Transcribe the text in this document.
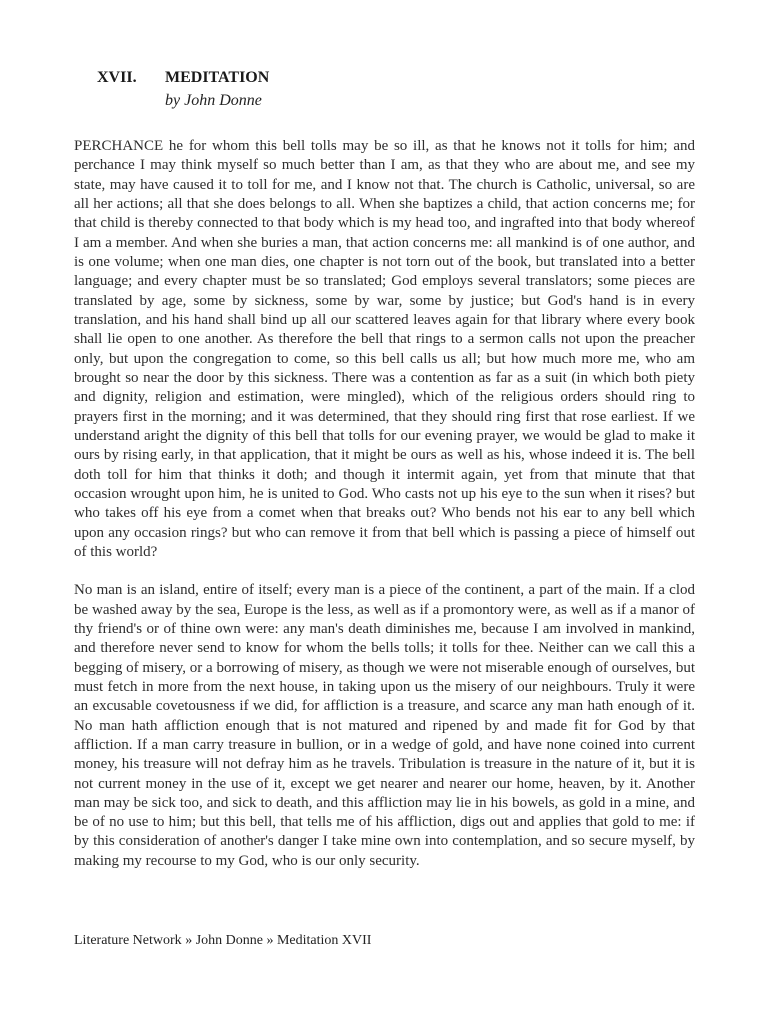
XVII.	MEDITATION
by John Donne

PERCHANCE he for whom this bell tolls may be so ill, as that he knows not it tolls for him; and perchance I may think myself so much better than I am, as that they who are about me, and see my state, may have caused it to toll for me, and I know not that. The church is Catholic, universal, so are all her actions; all that she does belongs to all. When she baptizes a child, that action concerns me; for that child is thereby connected to that body which is my head too, and ingrafted into that body whereof I am a member. And when she buries a man, that action concerns me: all mankind is of one author, and is one volume; when one man dies, one chapter is not torn out of the book, but translated into a better language; and every chapter must be so translated; God employs several translators; some pieces are translated by age, some by sickness, some by war, some by justice; but God's hand is in every translation, and his hand shall bind up all our scattered leaves again for that library where every book shall lie open to one another. As therefore the bell that rings to a sermon calls not upon the preacher only, but upon the congregation to come, so this bell calls us all; but how much more me, who am brought so near the door by this sickness. There was a contention as far as a suit (in which both piety and dignity, religion and estimation, were mingled), which of the religious orders should ring to prayers first in the morning; and it was determined, that they should ring first that rose earliest. If we understand aright the dignity of this bell that tolls for our evening prayer, we would be glad to make it ours by rising early, in that application, that it might be ours as well as his, whose indeed it is. The bell doth toll for him that thinks it doth; and though it intermit again, yet from that minute that that occasion wrought upon him, he is united to God. Who casts not up his eye to the sun when it rises? but who takes off his eye from a comet when that breaks out? Who bends not his ear to any bell which upon any occasion rings? but who can remove it from that bell which is passing a piece of himself out of this world?

No man is an island, entire of itself; every man is a piece of the continent, a part of the main. If a clod be washed away by the sea, Europe is the less, as well as if a promontory were, as well as if a manor of thy friend's or of thine own were: any man's death diminishes me, because I am involved in mankind, and therefore never send to know for whom the bells tolls; it tolls for thee. Neither can we call this a begging of misery, or a borrowing of misery, as though we were not miserable enough of ourselves, but must fetch in more from the next house, in taking upon us the misery of our neighbours. Truly it were an excusable covetousness if we did, for affliction is a treasure, and scarce any man hath enough of it. No man hath affliction enough that is not matured and ripened by and made fit for God by that affliction. If a man carry treasure in bullion, or in a wedge of gold, and have none coined into current money, his treasure will not defray him as he travels. Tribulation is treasure in the nature of it, but it is not current money in the use of it, except we get nearer and nearer our home, heaven, by it. Another man may be sick too, and sick to death, and this affliction may lie in his bowels, as gold in a mine, and be of no use to him; but this bell, that tells me of his affliction, digs out and applies that gold to me: if by this consideration of another's danger I take mine own into contemplation, and so secure myself, by making my recourse to my God, who is our only security.

Literature Network » John Donne » Meditation XVII
